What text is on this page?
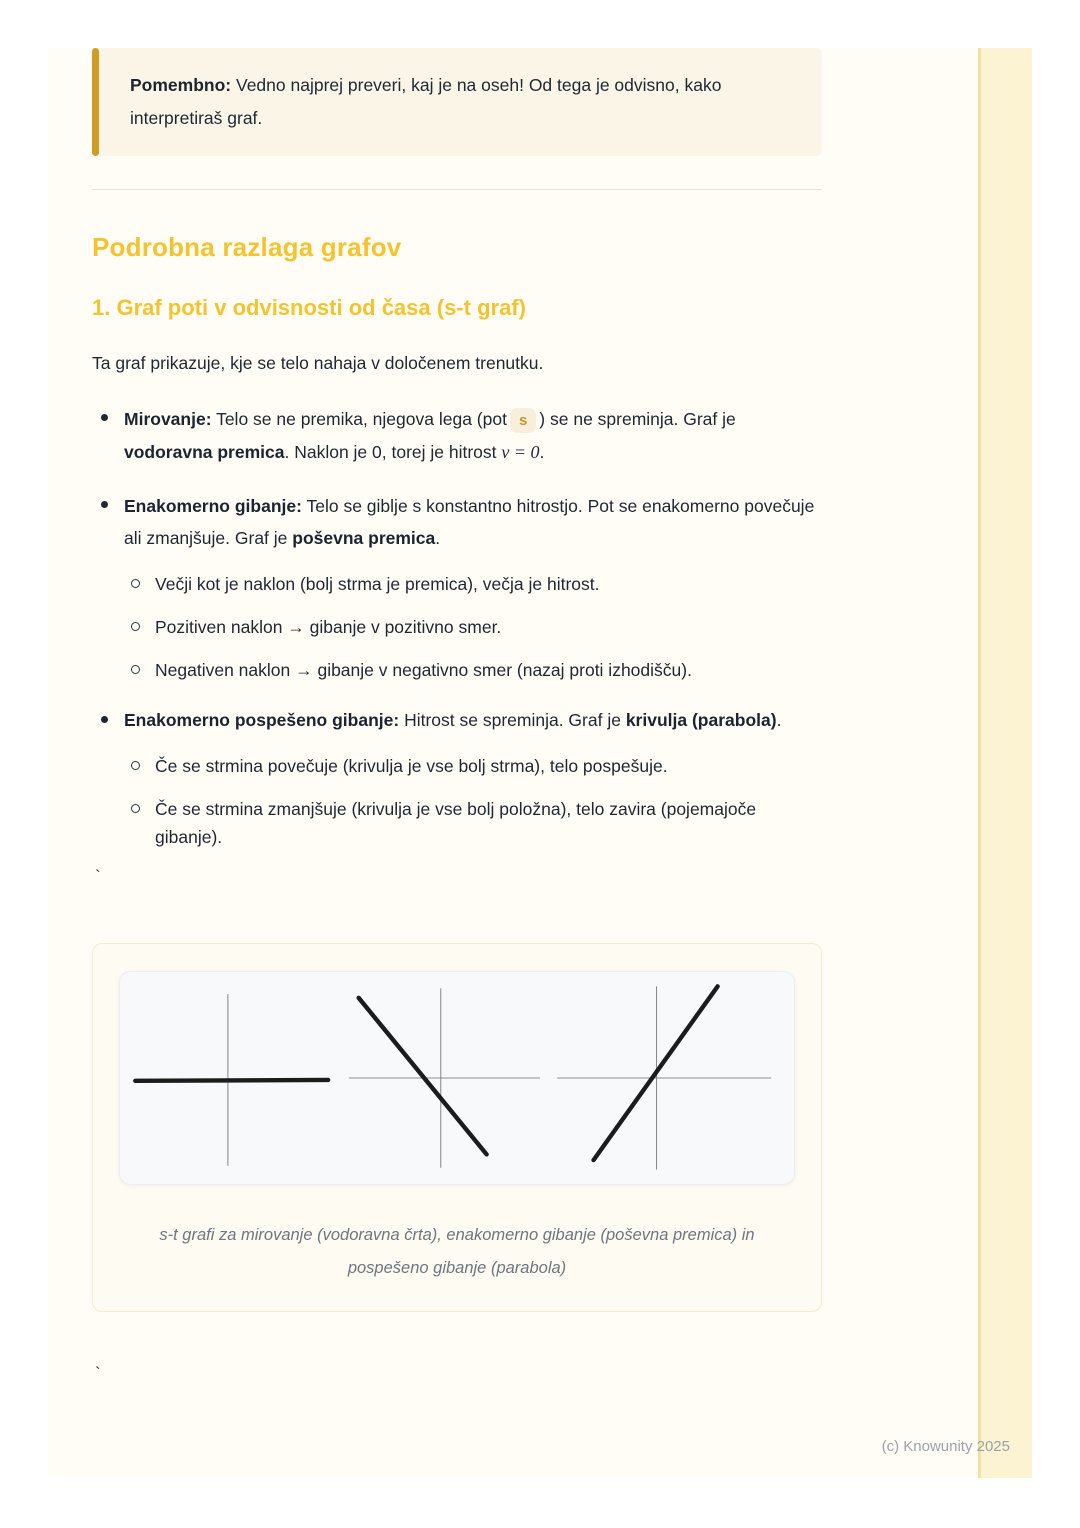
Pomembno: Vedno najprej preveri, kaj je na oseh! Od tega je odvisno, kako interpretiraš graf.
Podrobna razlaga grafov
1. Graf poti v odvisnosti od časa (s-t graf)

Ta graf prikazuje, kje se telo nahaja v določenem trenutku.

Mirovanje: Telo se ne premika, njegova lega (pot s ) se ne spreminja. Graf je vodoravna premica. Naklon je 0, torej je hitrost v = 0.
Enakomerno gibanje: Telo se giblje s konstantno hitrostjo. Pot se enakomerno povečuje ali zmanjšuje. Graf je poševna premica.
Večji kot je naklon (bolj strma je premica), večja je hitrost.
Pozitiven naklon → gibanje v pozitivno smer.
Negativen naklon → gibanje v negativno smer (nazaj proti izhodišču).
Enakomerno pospešeno gibanje: Hitrost se spreminja. Graf je krivulja (parabola).
Če se strmina povečuje (krivulja je vse bolj strma), telo pospešuje.
Če se strmina zmanjšuje (krivulja je vse bolj položna), telo zavira (pojemajoče gibanje).

`

s-t grafi za mirovanje (vodoravna črta), enakomerno gibanje (poševna premica) in pospešeno gibanje (parabola)

`

(c) Knowunity 2025
